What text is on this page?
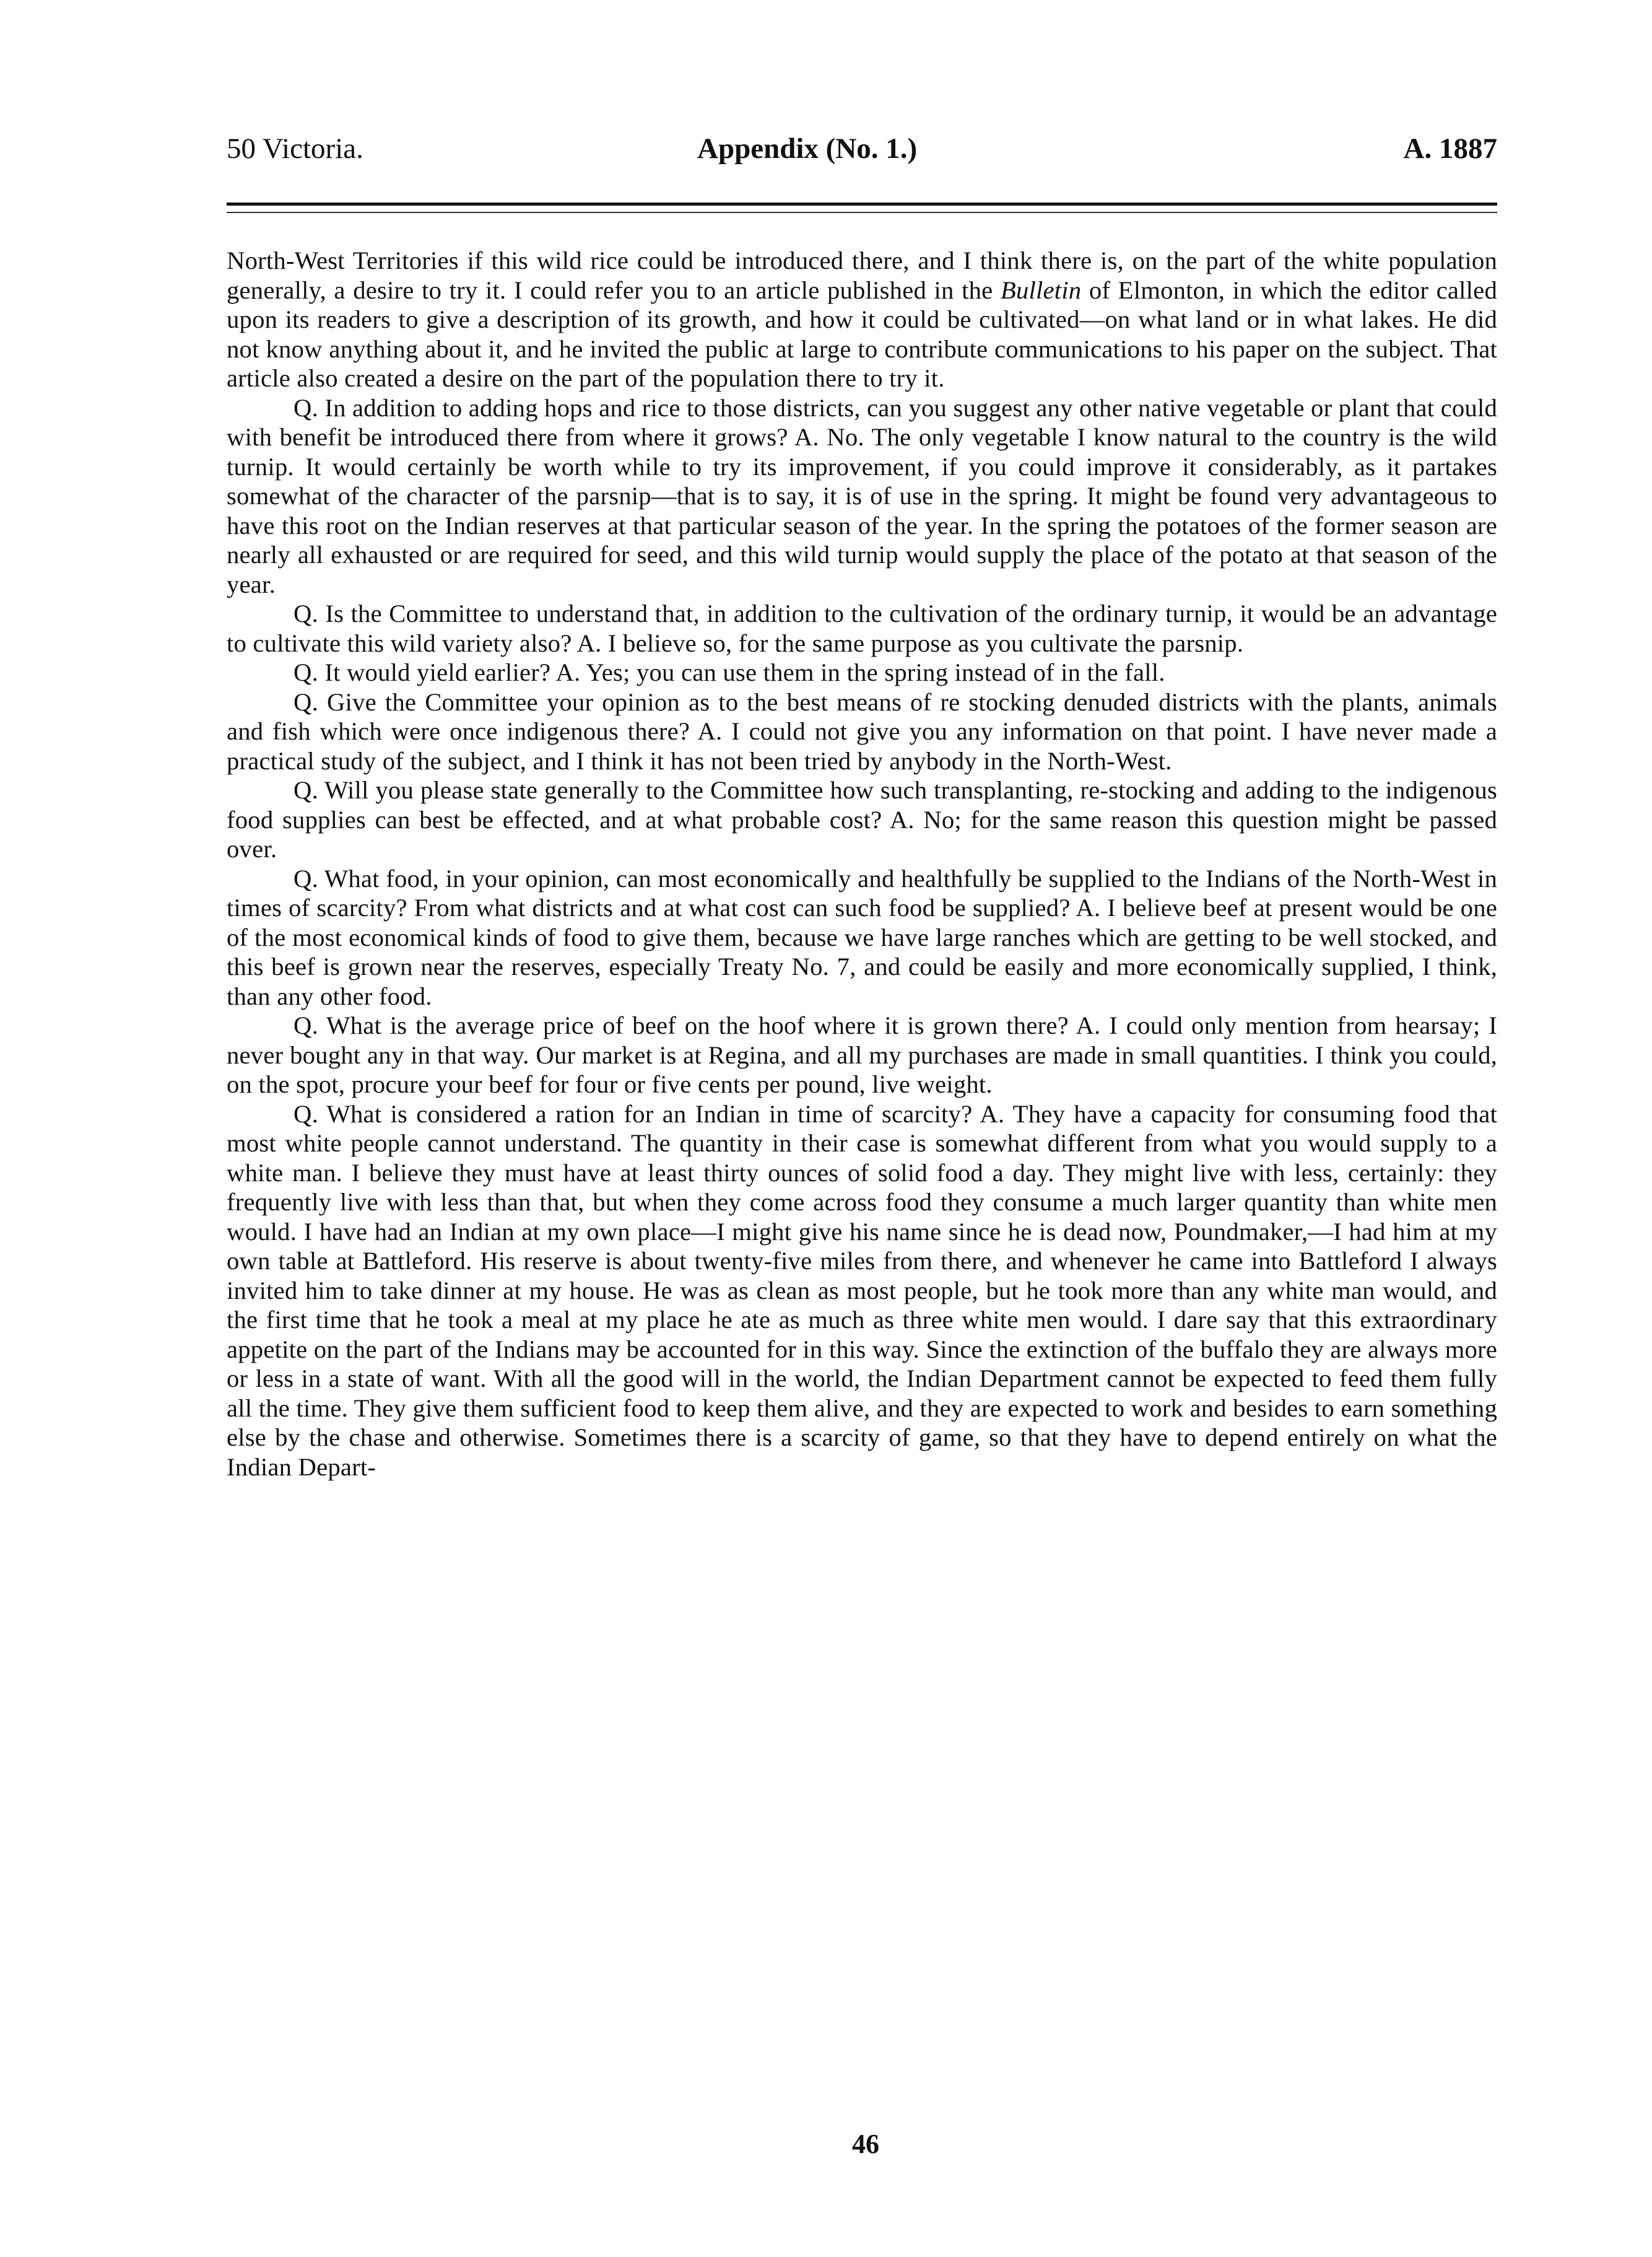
50 Victoria.	Appendix (No. 1.)	A. 1887

North-West Territories if this wild rice could be introduced there, and I think there is, on the part of the white population generally, a desire to try it. I could refer you to an article published in the Bulletin of Elmonton, in which the editor called upon its readers to give a description of its growth, and how it could be cultivated—on what land or in what lakes. He did not know anything about it, and he invited the public at large to contribute communications to his paper on the subject. That article also created a desire on the part of the population there to try it.

Q. In addition to adding hops and rice to those districts, can you suggest any other native vegetable or plant that could with benefit be introduced there from where it grows? A. No. The only vegetable I know natural to the country is the wild turnip. It would certainly be worth while to try its improvement, if you could improve it considerably, as it partakes somewhat of the character of the parsnip—that is to say, it is of use in the spring. It might be found very advantageous to have this root on the Indian reserves at that particular season of the year. In the spring the potatoes of the former season are nearly all exhausted or are required for seed, and this wild turnip would supply the place of the potato at that season of the year.

Q. Is the Committee to understand that, in addition to the cultivation of the ordinary turnip, it would be an advantage to cultivate this wild variety also? A. I believe so, for the same purpose as you cultivate the parsnip.

Q. It would yield earlier? A. Yes; you can use them in the spring instead of in the fall.

Q. Give the Committee your opinion as to the best means of re stocking denuded districts with the plants, animals and fish which were once indigenous there? A. I could not give you any information on that point. I have never made a practical study of the subject, and I think it has not been tried by anybody in the North-West.

Q. Will you please state generally to the Committee how such transplanting, re-stocking and adding to the indigenous food supplies can best be effected, and at what probable cost? A. No; for the same reason this question might be passed over.

Q. What food, in your opinion, can most economically and healthfully be supplied to the Indians of the North-West in times of scarcity? From what districts and at what cost can such food be supplied? A. I believe beef at present would be one of the most economical kinds of food to give them, because we have large ranches which are getting to be well stocked, and this beef is grown near the reserves, especially Treaty No. 7, and could be easily and more economically supplied, I think, than any other food.

Q. What is the average price of beef on the hoof where it is grown there? A. I could only mention from hearsay; I never bought any in that way. Our market is at Regina, and all my purchases are made in small quantities. I think you could, on the spot, procure your beef for four or five cents per pound, live weight.

Q. What is considered a ration for an Indian in time of scarcity? A. They have a capacity for consuming food that most white people cannot understand. The quantity in their case is somewhat different from what you would supply to a white man. I believe they must have at least thirty ounces of solid food a day. They might live with less, certainly: they frequently live with less than that, but when they come across food they consume a much larger quantity than white men would. I have had an Indian at my own place—I might give his name since he is dead now, Poundmaker,—I had him at my own table at Battleford. His reserve is about twenty-five miles from there, and whenever he came into Battleford I always invited him to take dinner at my house. He was as clean as most people, but he took more than any white man would, and the first time that he took a meal at my place he ate as much as three white men would. I dare say that this extraordinary appetite on the part of the Indians may be accounted for in this way. Since the extinction of the buffalo they are always more or less in a state of want. With all the good will in the world, the Indian Department cannot be expected to feed them fully all the time. They give them sufficient food to keep them alive, and they are expected to work and besides to earn something else by the chase and otherwise. Sometimes there is a scarcity of game, so that they have to depend entirely on what the Indian Depart-

46
